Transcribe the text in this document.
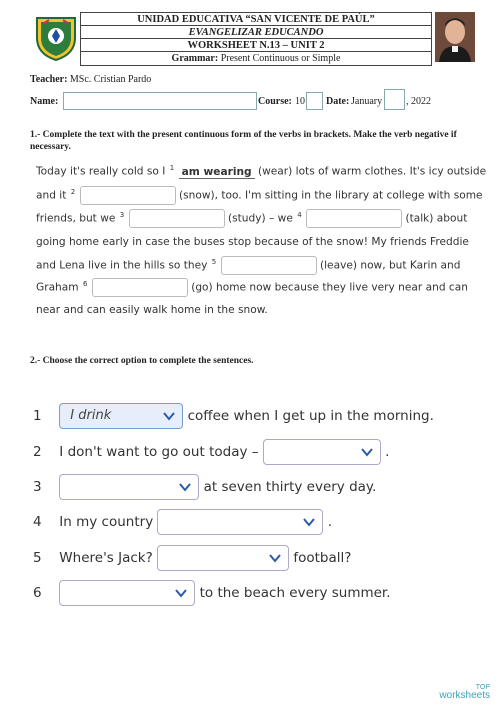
UNIDAD EDUCATIVA “SAN VICENTE DE PAÚL”
EVANGELIZAR EDUCANDO
WORKSHEET N.13 – UNIT 2
Grammar: Present Continuous or Simple
Teacher: MSc. Cristian Pardo
Name:	Course: 10 Date: January , 2022
1.- Complete the text with the present continuous form of the verbs in brackets. Make the verb negative if necessary.
Today it's really cold so I $^1$ am wearing (wear) lots of warm clothes. It's icy outside
and it $^2$	(snow), too. I'm sitting in the library at college with some
friends, but we $^3$	(study) – we $^4$	(talk) about
going home early in case the buses stop because of the snow! My friends Freddie
and Lena live in the hills so they $^5$	(leave) now, but Karin and
Graham $^6$	(go) home now because they live very near and can
near and can easily walk home in the snow.
2.- Choose the correct option to complete the sentences.
1 I drink	coffee when I get up in the morning.
2 I don't want to go out today –	.
3	at seven thirty every day.
4 In my country	.
5 Where's Jack?	football?
6	to the beach every summer.
TOP
worksheets
